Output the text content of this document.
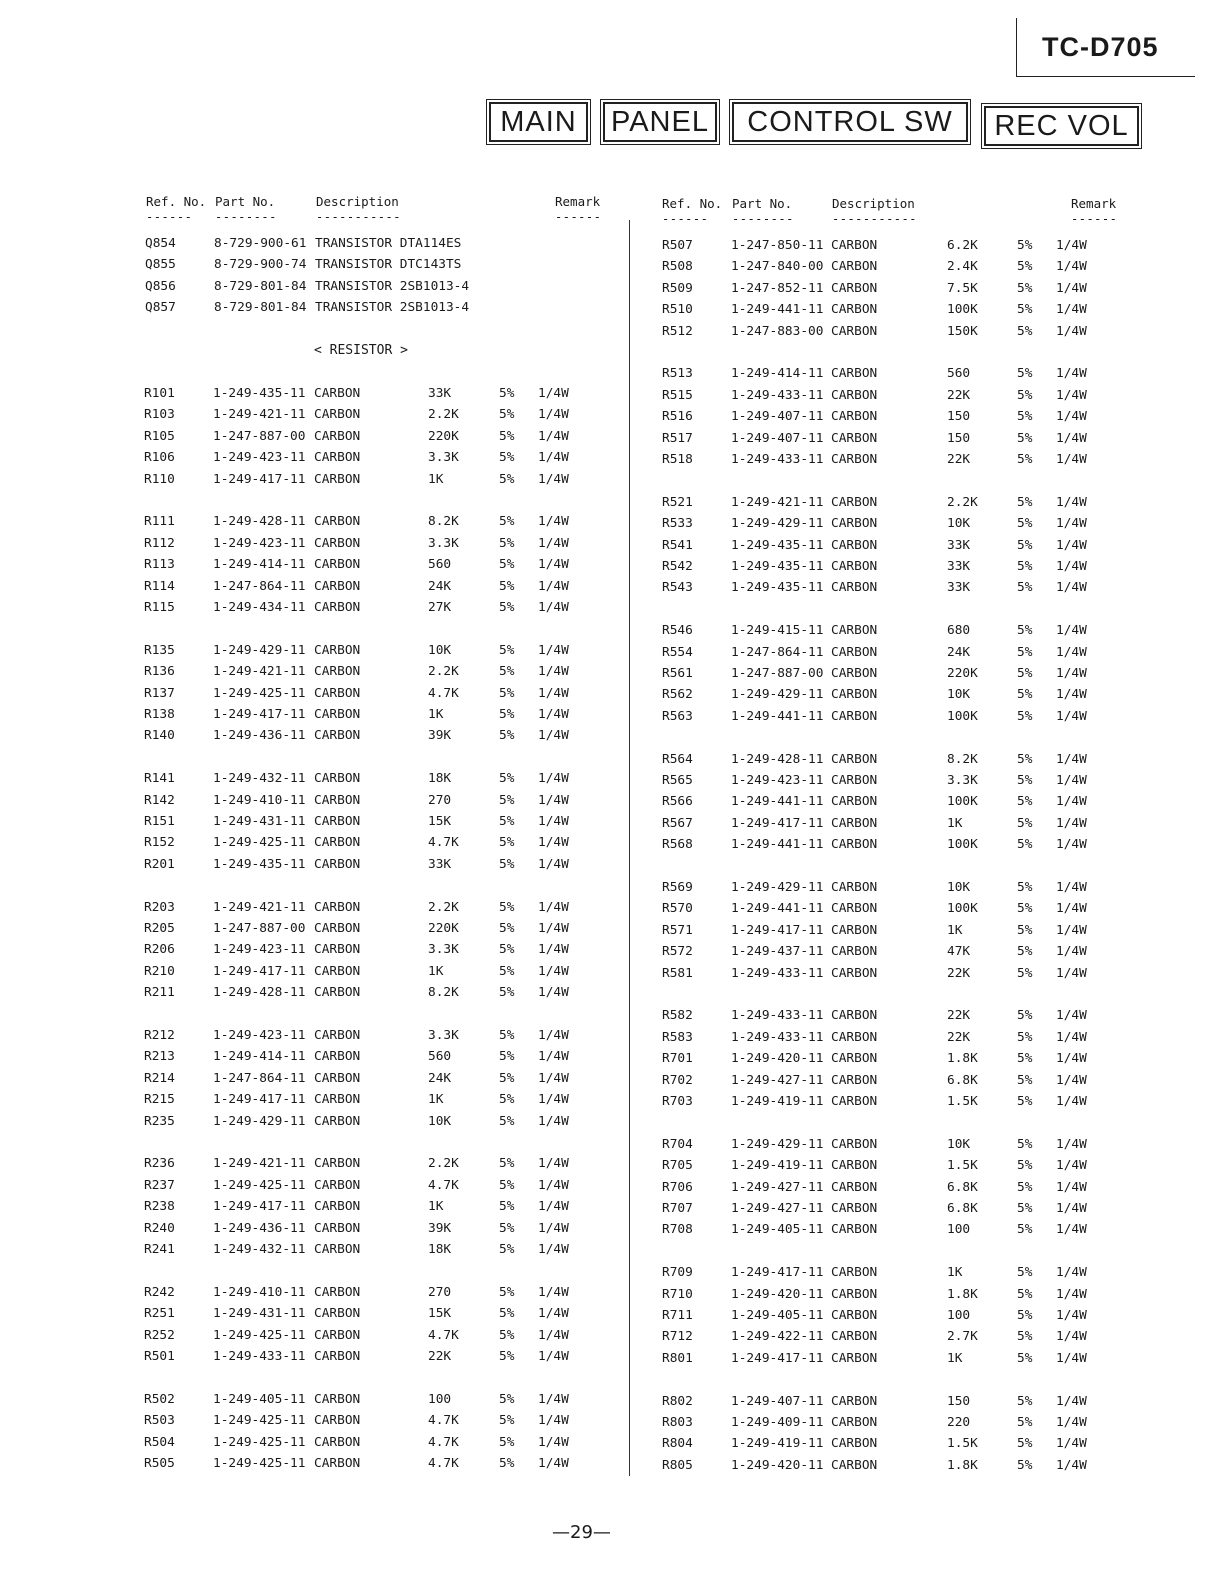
TC-D705
MAIN	PANEL	CONTROL SW	REC VOL
Ref. No. Part No.	Description	Remark
------ --------	-----------	------
Ref. No. Part No.	Description	Remark
------ --------	-----------	------
< RESISTOR >
Q854	8-729-900-61 TRANSISTOR DTA114ES
Q855	8-729-900-74 TRANSISTOR DTC143TS
Q856	8-729-801-84 TRANSISTOR 2SB1013-4
Q857	8-729-801-84 TRANSISTOR 2SB1013-4
R101	1-249-435-11 CARBON	33K	5% 1/4W
R103	1-249-421-11 CARBON	2.2K	5% 1/4W
R105	1-247-887-00 CARBON	220K	5% 1/4W
R106	1-249-423-11 CARBON	3.3K	5% 1/4W
R110	1-249-417-11 CARBON	1K	5% 1/4W
R111	1-249-428-11 CARBON	8.2K	5% 1/4W
R112	1-249-423-11 CARBON	3.3K	5% 1/4W
R113	1-249-414-11 CARBON	560	5% 1/4W
R114	1-247-864-11 CARBON	24K	5% 1/4W
R115	1-249-434-11 CARBON	27K	5% 1/4W
R135	1-249-429-11 CARBON	10K	5% 1/4W
R136	1-249-421-11 CARBON	2.2K	5% 1/4W
R137	1-249-425-11 CARBON	4.7K	5% 1/4W
R138	1-249-417-11 CARBON	1K	5% 1/4W
R140	1-249-436-11 CARBON	39K	5% 1/4W
R141	1-249-432-11 CARBON	18K	5% 1/4W
R142	1-249-410-11 CARBON	270	5% 1/4W
R151	1-249-431-11 CARBON	15K	5% 1/4W
R152	1-249-425-11 CARBON	4.7K	5% 1/4W
R201	1-249-435-11 CARBON	33K	5% 1/4W
R203	1-249-421-11 CARBON	2.2K	5% 1/4W
R205	1-247-887-00 CARBON	220K	5% 1/4W
R206	1-249-423-11 CARBON	3.3K	5% 1/4W
R210	1-249-417-11 CARBON	1K	5% 1/4W
R211	1-249-428-11 CARBON	8.2K	5% 1/4W
R212	1-249-423-11 CARBON	3.3K	5% 1/4W
R213	1-249-414-11 CARBON	560	5% 1/4W
R214	1-247-864-11 CARBON	24K	5% 1/4W
R215	1-249-417-11 CARBON	1K	5% 1/4W
R235	1-249-429-11 CARBON	10K	5% 1/4W
R236	1-249-421-11 CARBON	2.2K	5% 1/4W
R237	1-249-425-11 CARBON	4.7K	5% 1/4W
R238	1-249-417-11 CARBON	1K	5% 1/4W
R240	1-249-436-11 CARBON	39K	5% 1/4W
R241	1-249-432-11 CARBON	18K	5% 1/4W
R242	1-249-410-11 CARBON	270	5% 1/4W
R251	1-249-431-11 CARBON	15K	5% 1/4W
R252	1-249-425-11 CARBON	4.7K	5% 1/4W
R501	1-249-433-11 CARBON	22K	5% 1/4W
R502	1-249-405-11 CARBON	100	5% 1/4W
R503	1-249-425-11 CARBON	4.7K	5% 1/4W
R504	1-249-425-11 CARBON	4.7K	5% 1/4W
R505	1-249-425-11 CARBON	4.7K	5% 1/4W
R507	1-247-850-11 CARBON	6.2K	5% 1/4W
R508	1-247-840-00 CARBON	2.4K	5% 1/4W
R509	1-247-852-11 CARBON	7.5K	5% 1/4W
R510	1-249-441-11 CARBON	100K	5% 1/4W
R512	1-247-883-00 CARBON	150K	5% 1/4W
R513	1-249-414-11 CARBON	560	5% 1/4W
R515	1-249-433-11 CARBON	22K	5% 1/4W
R516	1-249-407-11 CARBON	150	5% 1/4W
R517	1-249-407-11 CARBON	150	5% 1/4W
R518	1-249-433-11 CARBON	22K	5% 1/4W
R521	1-249-421-11 CARBON	2.2K	5% 1/4W
R533	1-249-429-11 CARBON	10K	5% 1/4W
R541	1-249-435-11 CARBON	33K	5% 1/4W
R542	1-249-435-11 CARBON	33K	5% 1/4W
R543	1-249-435-11 CARBON	33K	5% 1/4W
R546	1-249-415-11 CARBON	680	5% 1/4W
R554	1-247-864-11 CARBON	24K	5% 1/4W
R561	1-247-887-00 CARBON	220K	5% 1/4W
R562	1-249-429-11 CARBON	10K	5% 1/4W
R563	1-249-441-11 CARBON	100K	5% 1/4W
R564	1-249-428-11 CARBON	8.2K	5% 1/4W
R565	1-249-423-11 CARBON	3.3K	5% 1/4W
R566	1-249-441-11 CARBON	100K	5% 1/4W
R567	1-249-417-11 CARBON	1K	5% 1/4W
R568	1-249-441-11 CARBON	100K	5% 1/4W
R569	1-249-429-11 CARBON	10K	5% 1/4W
R570	1-249-441-11 CARBON	100K	5% 1/4W
R571	1-249-417-11 CARBON	1K	5% 1/4W
R572	1-249-437-11 CARBON	47K	5% 1/4W
R581	1-249-433-11 CARBON	22K	5% 1/4W
R582	1-249-433-11 CARBON	22K	5% 1/4W
R583	1-249-433-11 CARBON	22K	5% 1/4W
R701	1-249-420-11 CARBON	1.8K	5% 1/4W
R702	1-249-427-11 CARBON	6.8K	5% 1/4W
R703	1-249-419-11 CARBON	1.5K	5% 1/4W
R704	1-249-429-11 CARBON	10K	5% 1/4W
R705	1-249-419-11 CARBON	1.5K	5% 1/4W
R706	1-249-427-11 CARBON	6.8K	5% 1/4W
R707	1-249-427-11 CARBON	6.8K	5% 1/4W
R708	1-249-405-11 CARBON	100	5% 1/4W
R709	1-249-417-11 CARBON	1K	5% 1/4W
R710	1-249-420-11 CARBON	1.8K	5% 1/4W
R711	1-249-405-11 CARBON	100	5% 1/4W
R712	1-249-422-11 CARBON	2.7K	5% 1/4W
R801	1-249-417-11 CARBON	1K	5% 1/4W
R802	1-249-407-11 CARBON	150	5% 1/4W
R803	1-249-409-11 CARBON	220	5% 1/4W
R804	1-249-419-11 CARBON	1.5K	5% 1/4W
R805	1-249-420-11 CARBON	1.8K	5% 1/4W
—29—
